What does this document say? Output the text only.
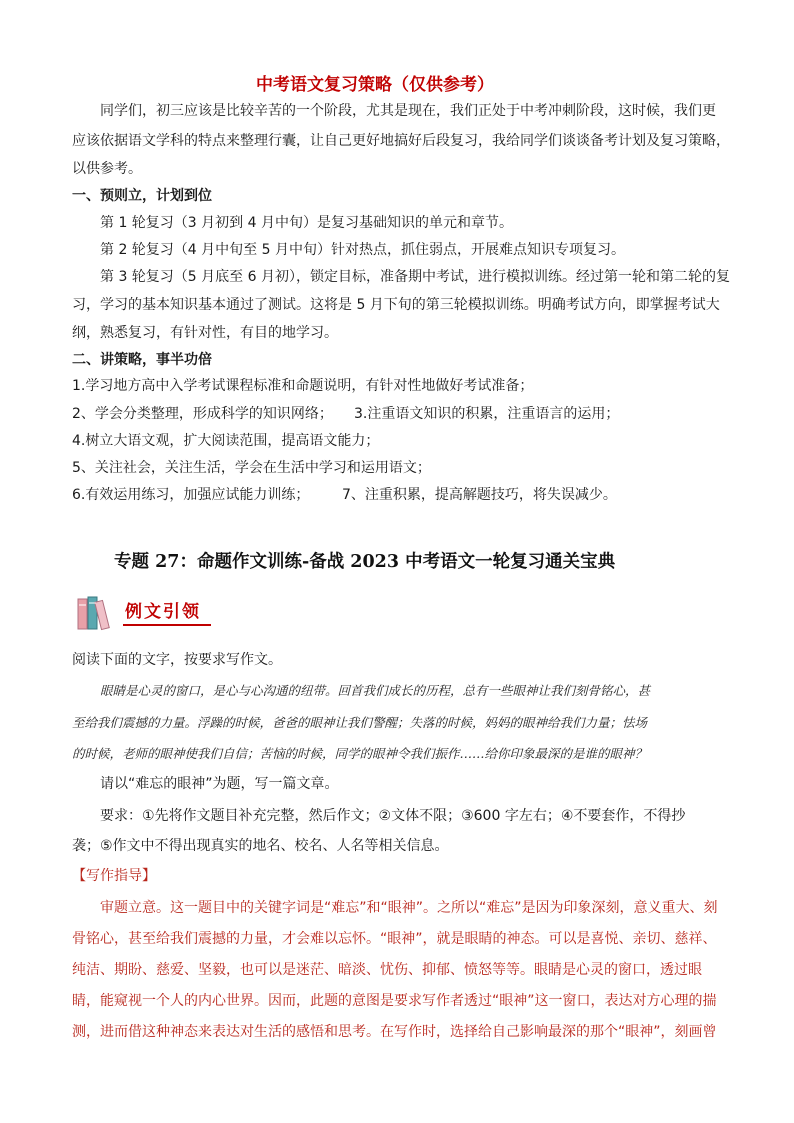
中考语文复习策略（仅供参考）
同学们，初三应该是比较辛苦的一个阶段，尤其是现在，我们正处于中考冲刺阶段，这时候，我们更
应该依据语文学科的特点来整理行囊，让自己更好地搞好后段复习，我给同学们谈谈备考计划及复习策略，
以供参考。
一、预则立，计划到位
第 1 轮复习（3 月初到 4 月中旬）是复习基础知识的单元和章节。
第 2 轮复习（4 月中旬至 5 月中旬）针对热点，抓住弱点，开展难点知识专项复习。
第 3 轮复习（5 月底至 6 月初），锁定目标，准备期中考试，进行模拟训练。经过第一轮和第二轮的复
习，学习的基本知识基本通过了测试。这将是 5 月下旬的第三轮模拟训练。明确考试方向，即掌握考试大
纲，熟悉复习，有针对性，有目的地学习。
二、讲策略，事半功倍
1.学习地方高中入学考试课程标准和命题说明，有针对性地做好考试准备；
2、学会分类整理，形成科学的知识网络； 3.注重语文知识的积累，注重语言的运用；
4.树立大语文观，扩大阅读范围，提高语文能力；
5、关注社会，关注生活，学会在生活中学习和运用语文；
6.有效运用练习，加强应试能力训练； 7、注重积累，提高解题技巧，将失误减少。
专题 27：命题作文训练-备战 2023 中考语文一轮复习通关宝典
例文引领
阅读下面的文字，按要求写作文。
眼睛是心灵的窗口，是心与心沟通的纽带。回首我们成长的历程，总有一些眼神让我们刻骨铭心，甚
至给我们震撼的力量。浮躁的时候，爸爸的眼神让我们警醒；失落的时候，妈妈的眼神给我们力量；怯场
的时候，老师的眼神使我们自信；苦恼的时候，同学的眼神令我们振作……给你印象最深的是谁的眼神？
请以“难忘的眼神”为题，写一篇文章。
要求：①先将作文题目补充完整，然后作文；②文体不限；③600 字左右；④不要套作，不得抄
袭；⑤作文中不得出现真实的地名、校名、人名等相关信息。
【写作指导】
审题立意。这一题目中的关键字词是“难忘”和“眼神”。之所以“难忘”是因为印象深刻，意义重大、刻
骨铭心，甚至给我们震撼的力量，才会难以忘怀。“眼神”，就是眼睛的神态。可以是喜悦、亲切、慈祥、
纯洁、期盼、慈爱、坚毅，也可以是迷茫、暗淡、忧伤、抑郁、愤怒等等。眼睛是心灵的窗口，透过眼
睛，能窥视一个人的内心世界。因而，此题的意图是要求写作者透过“眼神”这一窗口，表达对方心理的揣
测，进而借这种神态来表达对生活的感悟和思考。在写作时，选择给自己影响最深的那个“眼神”，刻画曾
